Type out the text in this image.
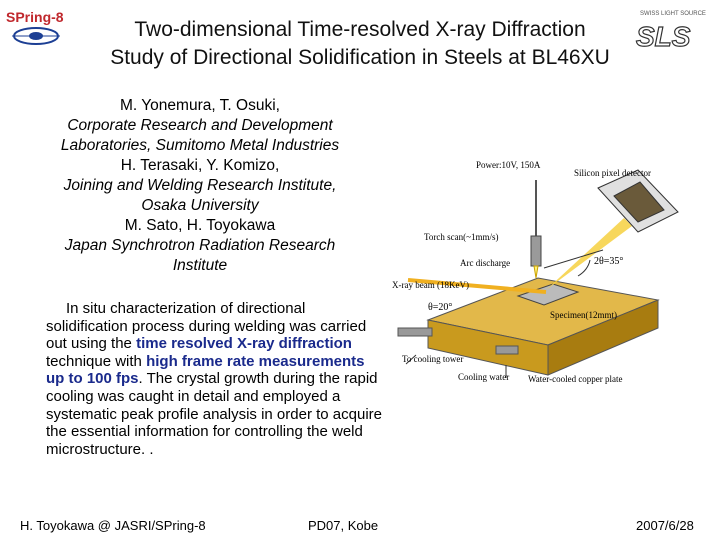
SPring-8	SWISS LIGHT SOURCE
SLS
Two-dimensional Time-resolved X-ray Diffraction
Study of Directional Solidification in Steels at BL46XU
M. Yonemura, T. Osuki,
Corporate Research and Development
Laboratories, Sumitomo Metal Industries
H. Terasaki, Y. Komizo,
Joining and Welding Research Institute,
Osaka University
M. Sato, H. Toyokawa
Japan Synchrotron Radiation Research
Institute
In situ characterization of directional solidification process during welding was carried out using the time resolved X-ray diffraction technique with high frame rate measurements up to 100 fps. The crystal growth during the rapid cooling was caught in detail and employed a systematic peak profile analysis in order to acquire the essential information for controlling the weld microstructure. .
Power:10V, 150A
Silicon pixel detector
Torch scan(~1mm/s)
Arc discharge	2θ=35°
X-ray beam (18KeV)
θ=20°
Specimen(12mmt)
To cooling tower
Cooling water Water-cooled copper plate
H. Toyokawa @ JASRI/SPring-8	PD07, Kobe	2007/6/28
